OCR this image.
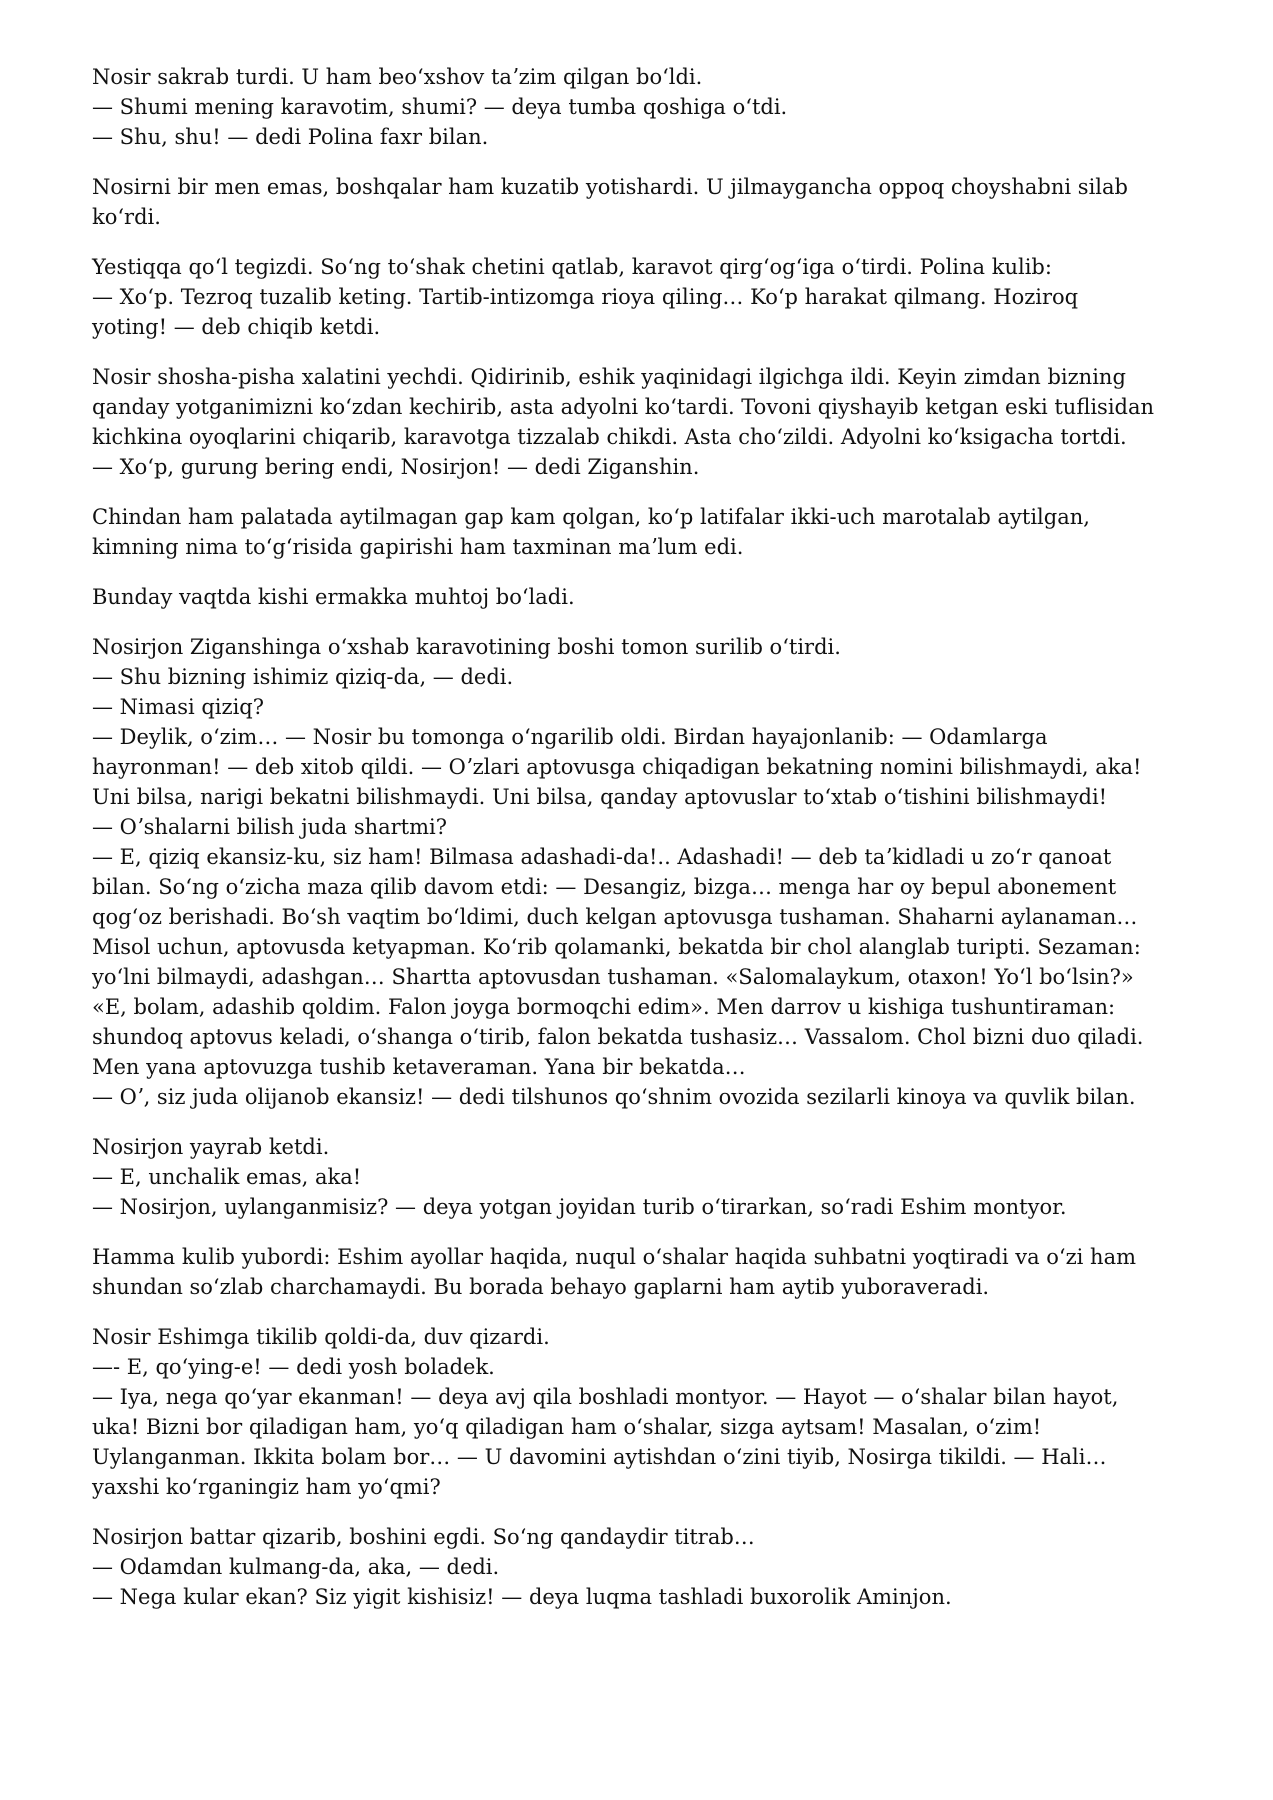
Nosir sakrab turdi. U ham beoʻxshov taʼzim qilgan boʻldi.
— Shumi mening karavotim, shumi? — deya tumba qoshiga oʻtdi.
— Shu, shu! — dedi Polina faxr bilan.
Nosirni bir men emas, boshqalar ham kuzatib yotishardi. U jilmayganchа oppoq choyshabni silab
koʻrdi.
Yestiqqa qoʻl tegizdi. Soʻng toʻshak chetini qatlab, karavot qirgʻogʻiga oʻtirdi. Polina kulib:
— Xoʻp. Tezroq tuzalib keting. Tartib-intizomga rioya qiling… Koʻp harakat qilmang. Hoziroq
yoting! — deb chiqib ketdi.
Nosir shosha-pisha xalatini yechdi. Qidirinib, eshik yaqinidagi ilgichga ildi. Keyin zimdan bizning
qanday yotganimizni koʻzdan kechirib, asta adyolni koʻtardi. Tovoni qiyshayib ketgan eski tuflisidan
kichkina oyoqlarini chiqarib, karavotga tizzalab chikdi. Asta choʻzildi. Adyolni koʻksigacha tortdi.
— Xoʻp, gurung bering endi, Nosirjon! — dedi Ziganshin.
Chindan ham palatada aytilmagan gap kam qolgan, koʻp latifalar ikki-uch marotalab aytilgan,
kimning nima toʻgʻrisida gapirishi ham taxminan maʼlum edi.
Bunday vaqtda kishi ermakka muhtoj boʻladi.
Nosirjon Ziganshinga oʻxshab karavotining boshi tomon surilib oʻtirdi.
— Shu bizning ishimiz qiziq-da, — dedi.
— Nimasi qiziq?
— Deylik, oʻzim… — Nosir bu tomonga oʻngarilib oldi. Birdan hayajonlanib: — Odamlarga
hayronman! — deb xitob qildi. — Oʼzlari aptovusga chiqadigan bekatning nomini bilishmaydi, aka!
Uni bilsa, narigi bekatni bilishmaydi. Uni bilsa, qanday aptovuslar toʻxtab oʻtishini bilishmaydi!
— Oʼshalarni bilish juda shartmi?
— E, qiziq ekansiz-ku, siz ham! Bilmasa adashadi-da!.. Adashadi! — deb taʼkidladi u zoʻr qanoat
bilan. Soʻng oʻzicha maza qilib davom etdi: — Desangiz, bizga… menga har oy bepul abonement
qogʻoz berishadi. Boʻsh vaqtim boʻldimi, duch kelgan aptovusga tushaman. Shaharni aylanaman…
Misol uchun, aptovusda ketyapman. Koʻrib qolamanki, bekatda bir chol alanglab turipti. Sezaman:
yoʻlni bilmaydi, adashgan… Shartta aptovusdan tushaman. «Salomalaykum, otaxon! Yoʻl boʻlsin?»
«E, bolam, adashib qoldim. Falon joyga bormoqchi edim». Men darrov u kishiga tushuntiraman:
shundoq aptovus keladi, oʻshanga oʻtirib, falon bekatda tushasiz… Vassalom. Chol bizni duo qiladi.
Men yana aptovuzga tushib ketaveraman. Yana bir bekatda…
— Oʼ, siz juda olijanob ekansiz! — dedi tilshunos qoʻshnim ovozida sezilarli kinoya va quvlik bilan.
Nosirjon yayrab ketdi.
— E, unchalik emas, aka!
— Nosirjon, uylanganmisiz? — deya yotgan joyidan turib oʻtirarkan, soʻradi Eshim montyor.
Hamma kulib yubordi: Eshim ayollar haqida, nuqul oʻshalar haqida suhbatni yoqtiradi va oʻzi ham
shundan soʻzlab charchamaydi. Bu borada behayo gaplarni ham aytib yuboraveradi.
Nosir Eshimga tikilib qoldi-da, duv qizardi.
—- E, qoʻying-e! — dedi yosh boladek.
— Iya, nega qoʻyar ekanman! — deya avj qila boshladi montyor. — Hayot — oʻshalar bilan hayot,
uka! Bizni bor qiladigan ham, yoʻq qiladigan ham oʻshalar, sizga aytsam! Masalan, oʻzim!
Uylanganman. Ikkita bolam bor… — U davomini aytishdan oʻzini tiyib, Nosirga tikildi. — Hali…
yaxshi koʻrganingiz ham yoʻqmi?
Nosirjon battar qizarib, boshini egdi. Soʻng qandaydir titrab…
— Odamdan kulmang-da, aka, — dedi.
— Nega kular ekan? Siz yigit kishisiz! — deya luqma tashladi buxorolik Aminjon.
